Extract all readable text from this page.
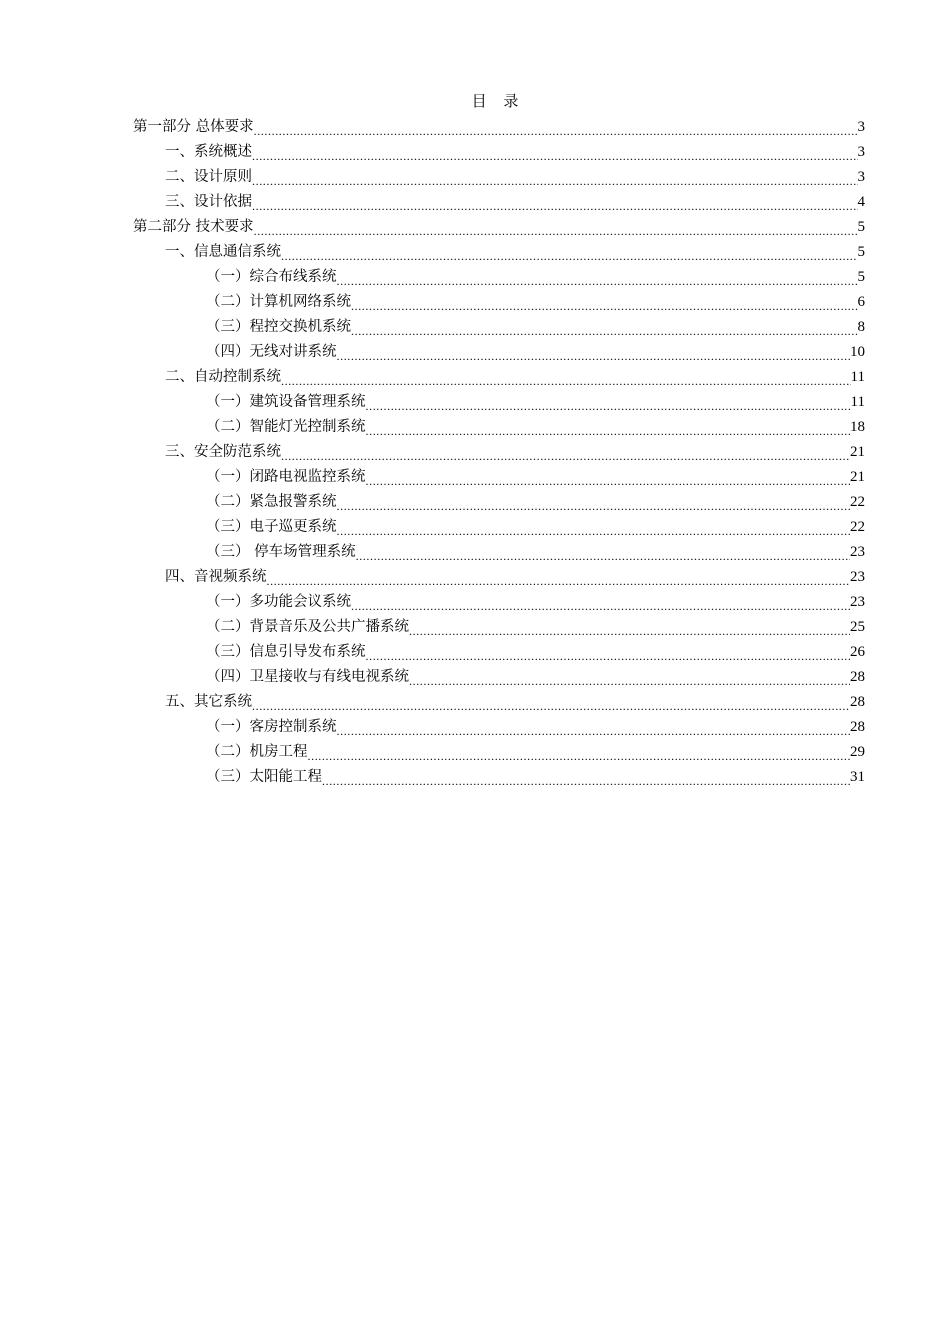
目 录
第一部分 总体要求 .....	3
一、系统概述 .....	3
二、设计原则 .....	3
三、设计依据 .....	4
第二部分 技术要求 .....	5
一、信息通信系统 .....	5
（一）综合布线系统 .....	5
（二）计算机网络系统 .....	6
（三）程控交换机系统 .....	8
（四）无线对讲系统 .....	10
二、自动控制系统 .....	11
（一）建筑设备管理系统 .....	11
（二）智能灯光控制系统 .....	18
三、安全防范系统 .....	21
（一）闭路电视监控系统 .....	21
（二）紧急报警系统 .....	22
（三）电子巡更系统 .....	22
（三） 停车场管理系统 .....	23
四、音视频系统 .....	23
（一）多功能会议系统 .....	23
（二）背景音乐及公共广播系统 .....	25
（三）信息引导发布系统 .....	26
（四）卫星接收与有线电视系统 .....	28
五、其它系统 .....	28
（一）客房控制系统 .....	28
（二）机房工程 .....	29
（三）太阳能工程 .....	31
